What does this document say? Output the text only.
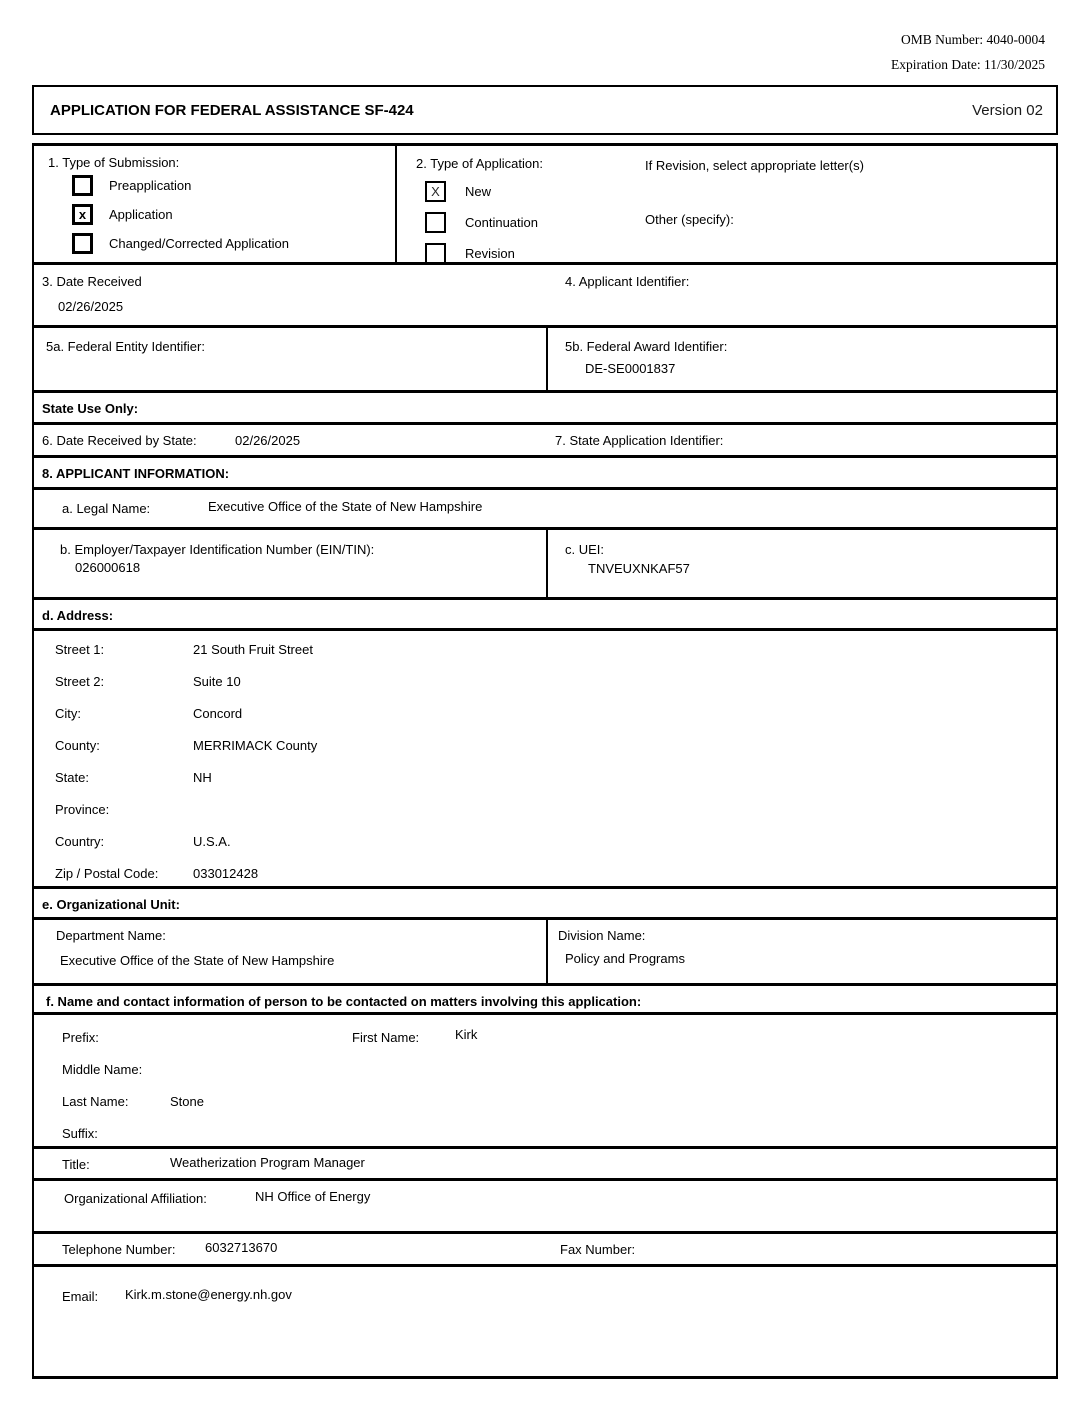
OMB Number: 4040-0004
Expiration Date: 11/30/2025
APPLICATION FOR FEDERAL ASSISTANCE SF-424	Version 02
1. Type of Submission:
Preapplication
x	Application
Changed/Corrected Application
2. Type of Application:	If Revision, select appropriate letter(s)
Other (specify):
X	New
Continuation
Revision
3. Date Received
02/26/2025
4. Applicant Identifier:
5a. Federal Entity Identifier:	5b. Federal Award Identifier:
DE-SE0001837
State Use Only:
6. Date Received by State:	02/26/2025	7. State Application Identifier:
8. APPLICANT INFORMATION:
a. Legal Name:	Executive Office of the State of New Hampshire
b. Employer/Taxpayer Identification Number (EIN/TIN):
026000618
c. UEI:
TNVEUXNKAF57
d. Address:
Street 1:	21 South Fruit Street
Street 2:	Suite 10
City:	Concord
County:	MERRIMACK County
State:	NH
Province:
Country:	U.S.A.
Zip / Postal Code:	033012428
e. Organizational Unit:
Department Name:
Executive Office of the State of New Hampshire
Division Name:
Policy and Programs
f. Name and contact information of person to be contacted on matters involving this application:
Prefix:	First Name:	Kirk
Middle Name:
Last Name:	Stone
Suffix:
Title:	Weatherization Program Manager
Organizational Affiliation:	NH Office of Energy
Telephone Number: 6032713670	Fax Number:
Email: Kirk.m.stone@energy.nh.gov
